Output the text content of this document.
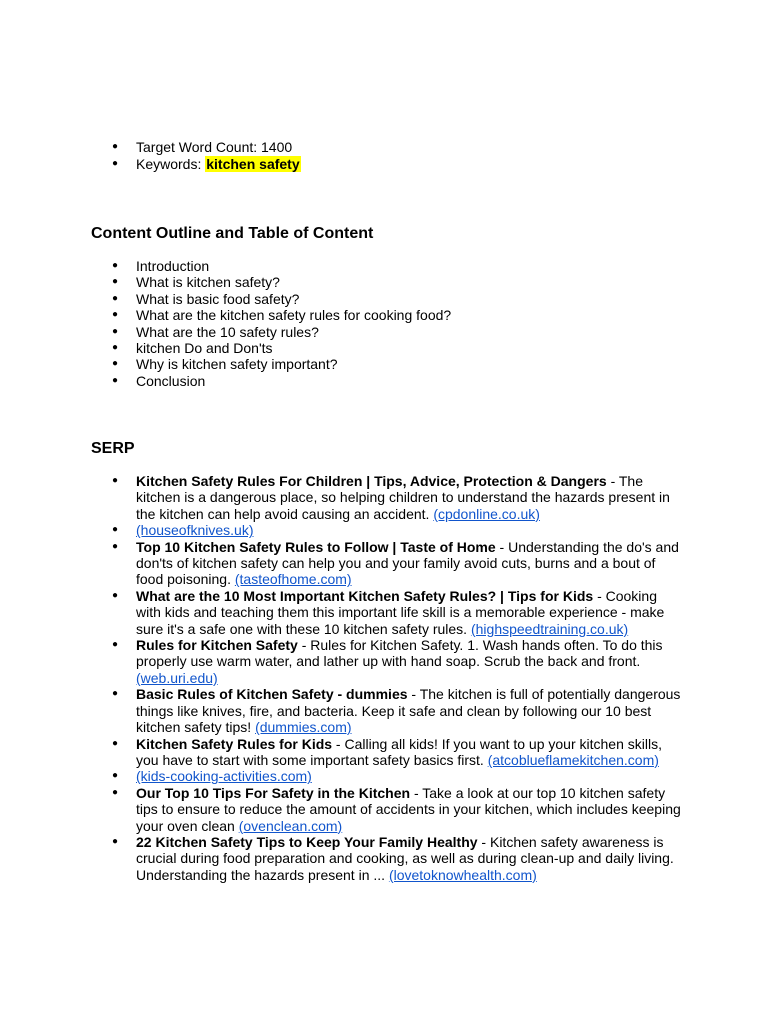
● Target Word Count: 1400
● Keywords: kitchen safety
Content Outline and Table of Content
● Introduction
● What is kitchen safety?
● What is basic food safety?
● What are the kitchen safety rules for cooking food?
● What are the 10 safety rules?
● kitchen Do and Don'ts
● Why is kitchen safety important?
● Conclusion
SERP
● Kitchen Safety Rules For Children | Tips, Advice, Protection & Dangers - The kitchen is a dangerous place, so helping children to understand the hazards present in the kitchen can help avoid causing an accident. (cpdonline.co.uk)
● (houseofknives.uk)
● Top 10 Kitchen Safety Rules to Follow | Taste of Home - Understanding the do's and don'ts of kitchen safety can help you and your family avoid cuts, burns and a bout of food poisoning. (tasteofhome.com)
● What are the 10 Most Important Kitchen Safety Rules? | Tips for Kids - Cooking with kids and teaching them this important life skill is a memorable experience - make sure it's a safe one with these 10 kitchen safety rules. (highspeedtraining.co.uk)
● Rules for Kitchen Safety - Rules for Kitchen Safety. 1. Wash hands often. To do this properly use warm water, and lather up with hand soap. Scrub the back and front. (web.uri.edu)
● Basic Rules of Kitchen Safety - dummies - The kitchen is full of potentially dangerous things like knives, fire, and bacteria. Keep it safe and clean by following our 10 best kitchen safety tips! (dummies.com)
● Kitchen Safety Rules for Kids - Calling all kids! If you want to up your kitchen skills, you have to start with some important safety basics first. (atcoblueflamekitchen.com)
● (kids-cooking-activities.com)
● Our Top 10 Tips For Safety in the Kitchen - Take a look at our top 10 kitchen safety tips to ensure to reduce the amount of accidents in your kitchen, which includes keeping your oven clean (ovenclean.com)
● 22 Kitchen Safety Tips to Keep Your Family Healthy - Kitchen safety awareness is crucial during food preparation and cooking, as well as during clean-up and daily living. Understanding the hazards present in ... (lovetoknowhealth.com)
